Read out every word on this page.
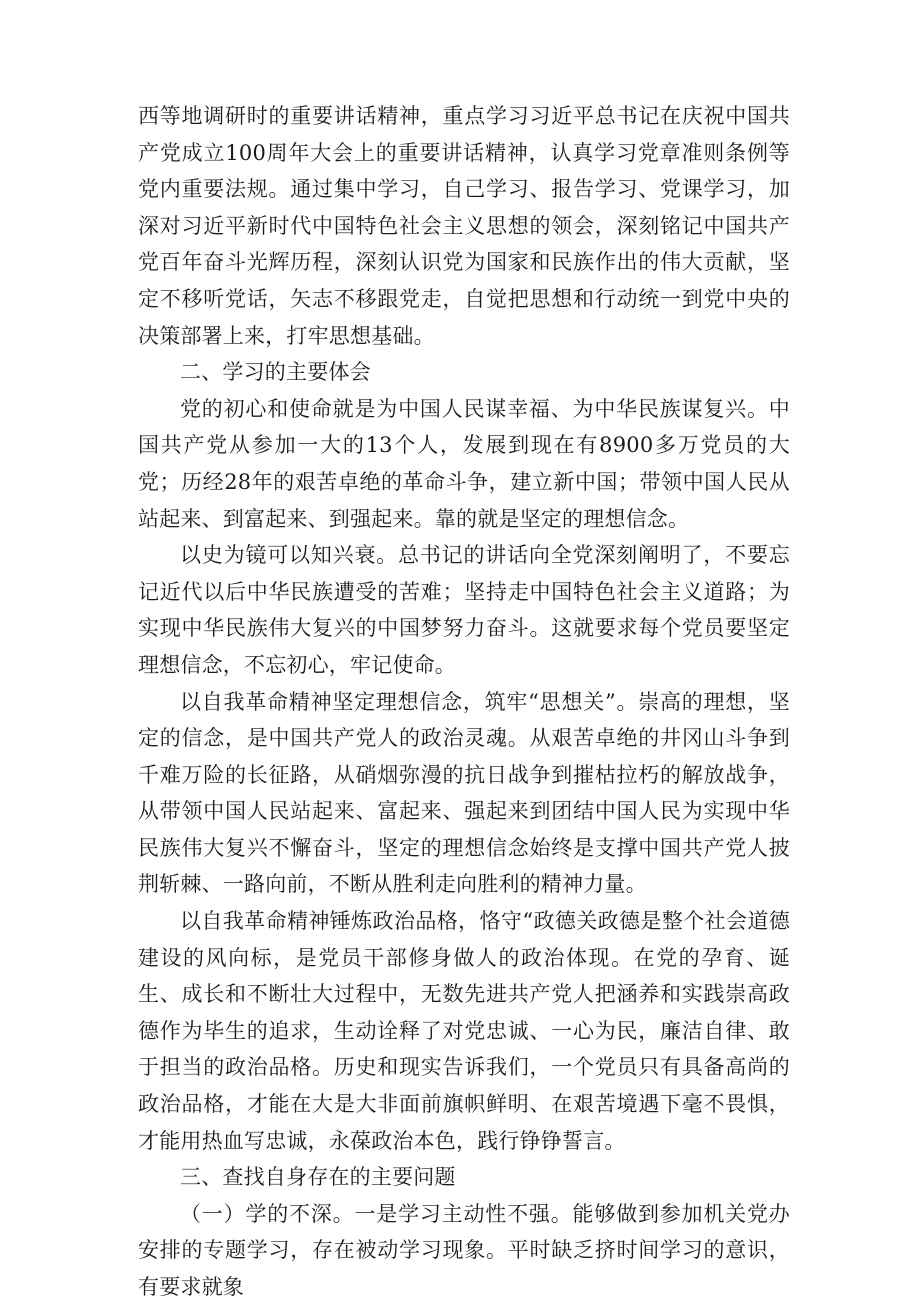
西等地调研时的重要讲话精神，重点学习习近平总书记在庆祝中国共产党成立100周年大会上的重要讲话精神，认真学习党章准则条例等党内重要法规。通过集中学习，自己学习、报告学习、党课学习，加深对习近平新时代中国特色社会主义思想的领会，深刻铭记中国共产党百年奋斗光辉历程，深刻认识党为国家和民族作出的伟大贡献，坚定不移听党话，矢志不移跟党走，自觉把思想和行动统一到党中央的决策部署上来，打牢思想基础。

二、学习的主要体会

党的初心和使命就是为中国人民谋幸福、为中华民族谋复兴。中国共产党从参加一大的13个人，发展到现在有8900多万党员的大党；历经28年的艰苦卓绝的革命斗争，建立新中国；带领中国人民从站起来、到富起来、到强起来。靠的就是坚定的理想信念。

以史为镜可以知兴衰。总书记的讲话向全党深刻阐明了，不要忘记近代以后中华民族遭受的苦难；坚持走中国特色社会主义道路；为实现中华民族伟大复兴的中国梦努力奋斗。这就要求每个党员要坚定理想信念，不忘初心，牢记使命。

以自我革命精神坚定理想信念，筑牢“思想关”。崇高的理想，坚定的信念，是中国共产党人的政治灵魂。从艰苦卓绝的井冈山斗争到千难万险的长征路，从硝烟弥漫的抗日战争到摧枯拉朽的解放战争，从带领中国人民站起来、富起来、强起来到团结中国人民为实现中华民族伟大复兴不懈奋斗，坚定的理想信念始终是支撑中国共产党人披荆斩棘、一路向前，不断从胜利走向胜利的精神力量。

以自我革命精神锤炼政治品格，恪守“政德关政德是整个社会道德建设的风向标，是党员干部修身做人的政治体现。在党的孕育、诞生、成长和不断壮大过程中，无数先进共产党人把涵养和实践崇高政德作为毕生的追求，生动诠释了对党忠诚、一心为民，廉洁自律、敢于担当的政治品格。历史和现实告诉我们，一个党员只有具备高尚的政治品格，才能在大是大非面前旗帜鲜明、在艰苦境遇下毫不畏惧，才能用热血写忠诚，永葆政治本色，践行铮铮誓言。

三、查找自身存在的主要问题

（一）学的不深。一是学习主动性不强。能够做到参加机关党办安排的专题学习，存在被动学习现象。平时缺乏挤时间学习的意识，有要求就象
